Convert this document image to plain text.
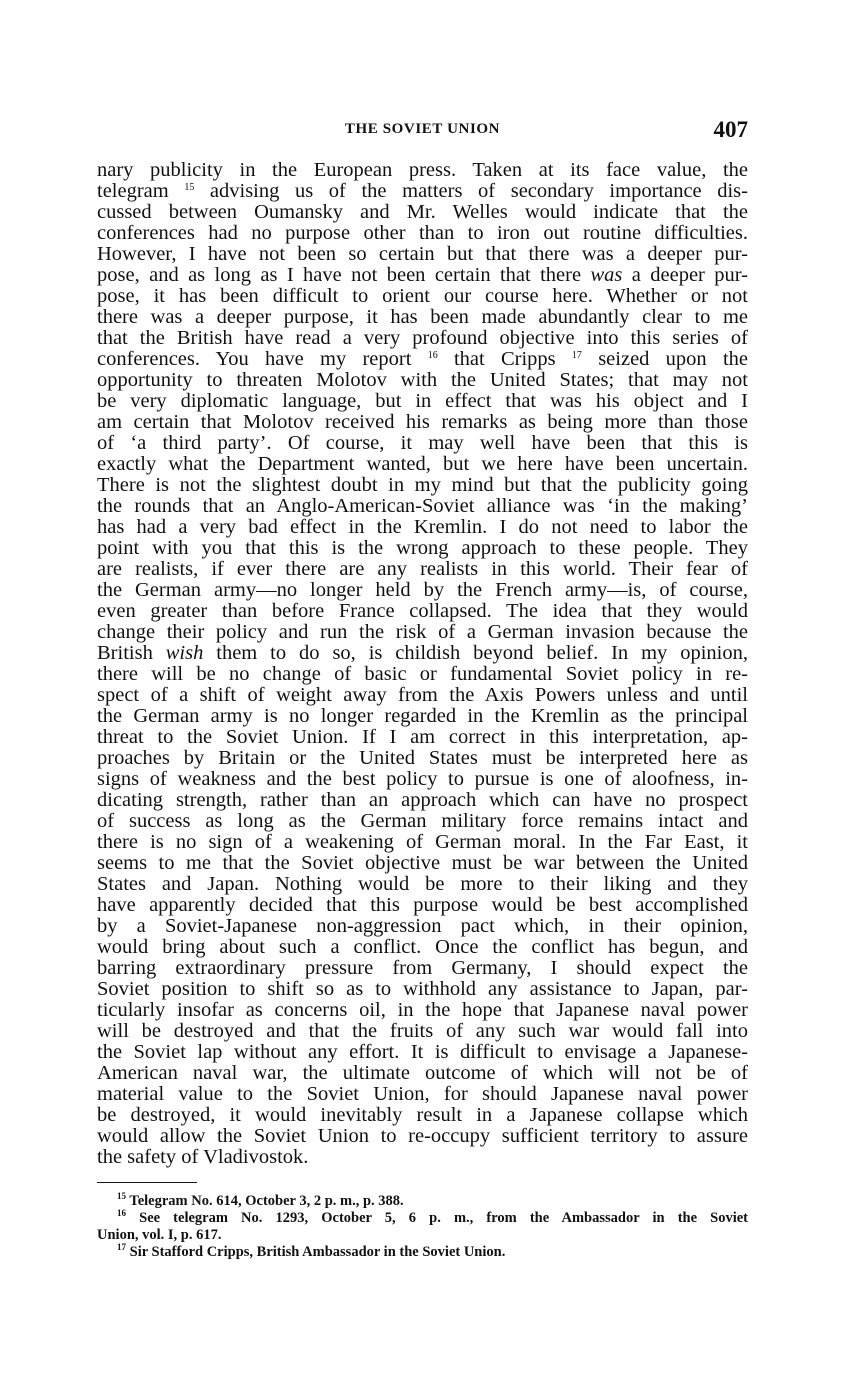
THE SOVIET UNION	407
nary publicity in the European press. Taken at its face value, the
telegram $^{15}$ advising us of the matters of secondary importance dis-
cussed between Oumansky and Mr. Welles would indicate that the
conferences had no purpose other than to iron out routine difficulties.
However, I have not been so certain but that there was a deeper pur-
pose, and as long as I have not been certain that there was a deeper pur-
pose, it has been difficult to orient our course here. Whether or not
there was a deeper purpose, it has been made abundantly clear to me
that the British have read a very profound objective into this series of
conferences. You have my report $^{16}$ that Cripps $^{17}$ seized upon the
opportunity to threaten Molotov with the United States; that may not
be very diplomatic language, but in effect that was his object and I
am certain that Molotov received his remarks as being more than those
of ‘a third party’. Of course, it may well have been that this is
exactly what the Department wanted, but we here have been uncertain.
There is not the slightest doubt in my mind but that the publicity going
the rounds that an Anglo-American-Soviet alliance was ‘in the making’
has had a very bad effect in the Kremlin. I do not need to labor the
point with you that this is the wrong approach to these people. They
are realists, if ever there are any realists in this world. Their fear of
the German army—no longer held by the French army—is, of course,
even greater than before France collapsed. The idea that they would
change their policy and run the risk of a German invasion because the
British wish them to do so, is childish beyond belief. In my opinion,
there will be no change of basic or fundamental Soviet policy in re-
spect of a shift of weight away from the Axis Powers unless and until
the German army is no longer regarded in the Kremlin as the principal
threat to the Soviet Union. If I am correct in this interpretation, ap-
proaches by Britain or the United States must be interpreted here as
signs of weakness and the best policy to pursue is one of aloofness, in-
dicating strength, rather than an approach which can have no prospect
of success as long as the German military force remains intact and
there is no sign of a weakening of German moral. In the Far East, it
seems to me that the Soviet objective must be war between the United
States and Japan. Nothing would be more to their liking and they
have apparently decided that this purpose would be best accomplished
by a Soviet-Japanese non-aggression pact which, in their opinion,
would bring about such a conflict. Once the conflict has begun, and
barring extraordinary pressure from Germany, I should expect the
Soviet position to shift so as to withhold any assistance to Japan, par-
ticularly insofar as concerns oil, in the hope that Japanese naval power
will be destroyed and that the fruits of any such war would fall into
the Soviet lap without any effort. It is difficult to envisage a Japanese-
American naval war, the ultimate outcome of which will not be of
material value to the Soviet Union, for should Japanese naval power
be destroyed, it would inevitably result in a Japanese collapse which
would allow the Soviet Union to re-occupy sufficient territory to assure
the safety of Vladivostok.
$^{15}$ Telegram No. 614, October 3, 2 p. m., p. 388.
$^{16}$ See telegram No. 1293, October 5, 6 p. m., from the Ambassador in the Soviet
Union, vol. I, p. 617.
$^{17}$ Sir Stafford Cripps, British Ambassador in the Soviet Union.
